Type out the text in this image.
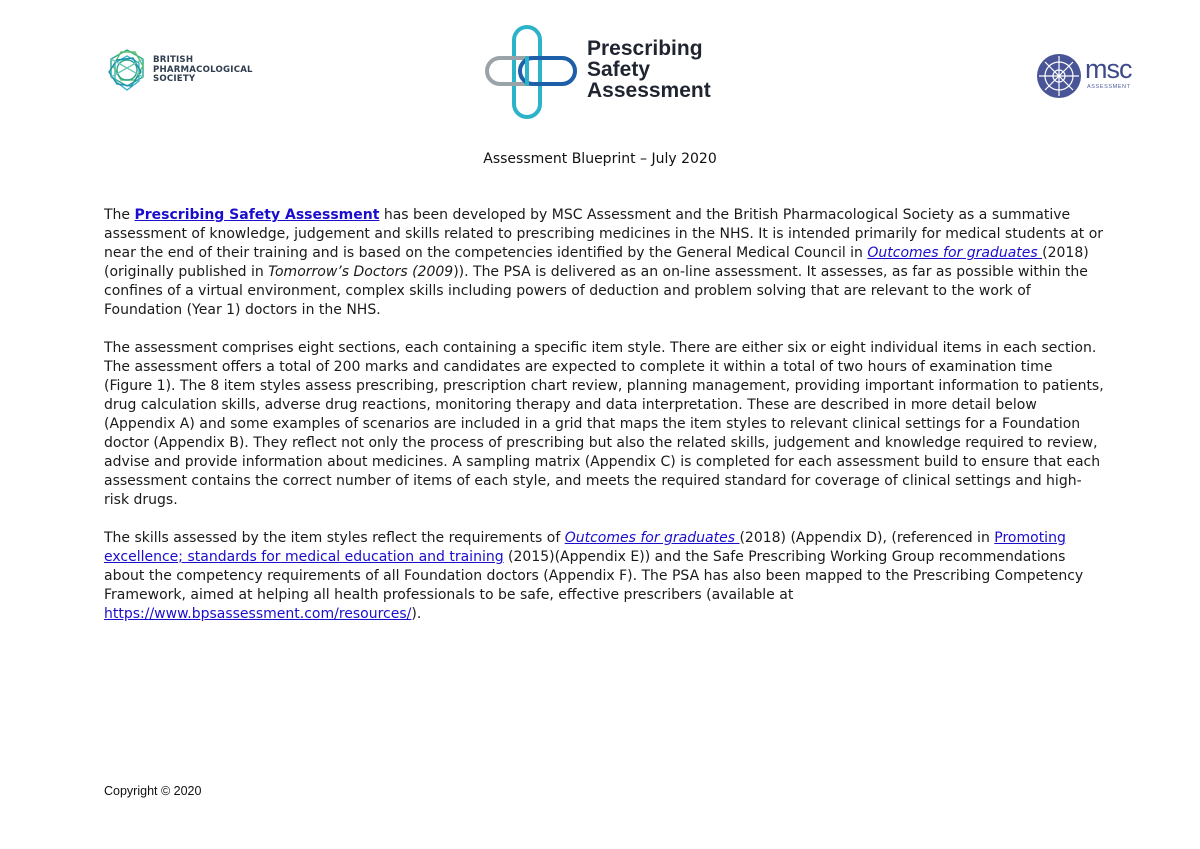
BRITISH
PHARMACOLOGICAL
SOCIETY
Prescribing
Safety
Assessment
msc
ASSESSMENT
Assessment Blueprint – July 2020

The Prescribing Safety Assessment has been developed by MSC Assessment and the British Pharmacological Society as a summative assessment of knowledge, judgement and skills related to prescribing medicines in the NHS. It is intended primarily for medical students at or near the end of their training and is based on the competencies identified by the General Medical Council in Outcomes for graduates (2018) (originally published in Tomorrow’s Doctors (2009)). The PSA is delivered as an on-line assessment. It assesses, as far as possible within the confines of a virtual environment, complex skills including powers of deduction and problem solving that are relevant to the work of Foundation (Year 1) doctors in the NHS.

The assessment comprises eight sections, each containing a specific item style. There are either six or eight individual items in each section. The assessment offers a total of 200 marks and candidates are expected to complete it within a total of two hours of examination time (Figure 1). The 8 item styles assess prescribing, prescription chart review, planning management, providing important information to patients, drug calculation skills, adverse drug reactions, monitoring therapy and data interpretation. These are described in more detail below (Appendix A) and some examples of scenarios are included in a grid that maps the item styles to relevant clinical settings for a Foundation doctor (Appendix B). They reflect not only the process of prescribing but also the related skills, judgement and knowledge required to review, advise and provide information about medicines. A sampling matrix (Appendix C) is completed for each assessment build to ensure that each assessment contains the correct number of items of each style, and meets the required standard for coverage of clinical settings and high-risk drugs.

The skills assessed by the item styles reflect the requirements of Outcomes for graduates (2018) (Appendix D), (referenced in Promoting excellence; standards for medical education and training (2015)(Appendix E)) and the Safe Prescribing Working Group recommendations about the competency requirements of all Foundation doctors (Appendix F). The PSA has also been mapped to the Prescribing Competency Framework, aimed at helping all health professionals to be safe, effective prescribers (available at https://www.bpsassessment.com/resources/).

Copyright © 2020
